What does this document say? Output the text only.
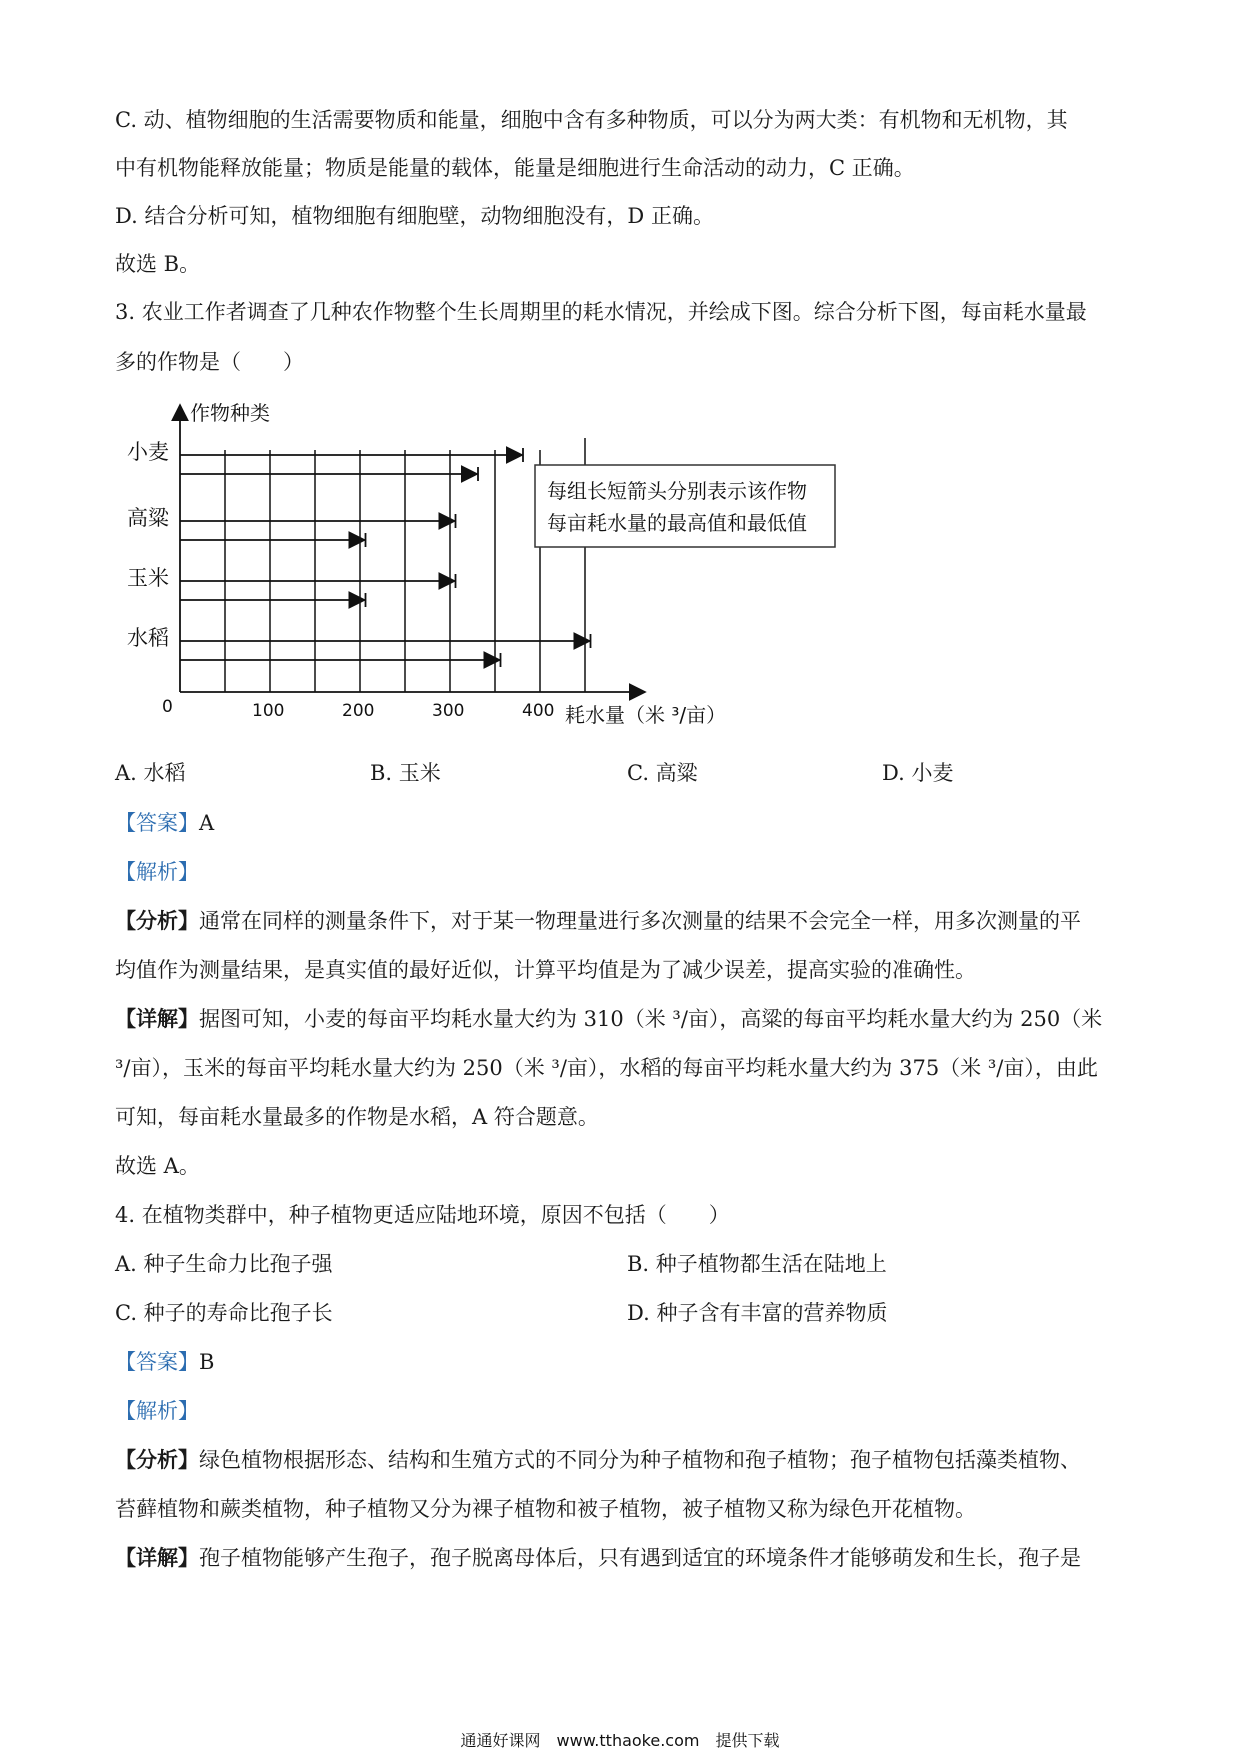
C. 动、植物细胞的生活需要物质和能量，细胞中含有多种物质，可以分为两大类：有机物和无机物，其
中有机物能释放能量；物质是能量的载体，能量是细胞进行生命活动的动力，C 正确。
D. 结合分析可知，植物细胞有细胞壁，动物细胞没有，D 正确。
故选 B。
3. 农业工作者调查了几种农作物整个生长周期里的耗水情况，并绘成下图。综合分析下图，每亩耗水量最
多的作物是（　　）
作物种类
耗水量（米 ³/亩）
0	100	200	300	400
小麦
高粱
玉米
水稻
每组长短箭头分别表示该作物
每亩耗水量的最高值和最低值
A. 水稻	B. 玉米	C. 高粱	D. 小麦
【答案】A
【解析】
【分析】通常在同样的测量条件下，对于某一物理量进行多次测量的结果不会完全一样，用多次测量的平
均值作为测量结果，是真实值的最好近似，计算平均值是为了减少误差，提高实验的准确性。
【详解】据图可知，小麦的每亩平均耗水量大约为 310（米 ³/亩），高粱的每亩平均耗水量大约为 250（米
³/亩），玉米的每亩平均耗水量大约为 250（米 ³/亩），水稻的每亩平均耗水量大约为 375（米 ³/亩），由此
可知，每亩耗水量最多的作物是水稻，A 符合题意。
故选 A。
4. 在植物类群中，种子植物更适应陆地环境，原因不包括（　　）
A. 种子生命力比孢子强	B. 种子植物都生活在陆地上
C. 种子的寿命比孢子长	D. 种子含有丰富的营养物质
【答案】B
【解析】
【分析】绿色植物根据形态、结构和生殖方式的不同分为种子植物和孢子植物；孢子植物包括藻类植物、
苔藓植物和蕨类植物，种子植物又分为裸子植物和被子植物，被子植物又称为绿色开花植物。
【详解】孢子植物能够产生孢子，孢子脱离母体后，只有遇到适宜的环境条件才能够萌发和生长，孢子是
通通好课网　www.tthaoke.com　提供下载
